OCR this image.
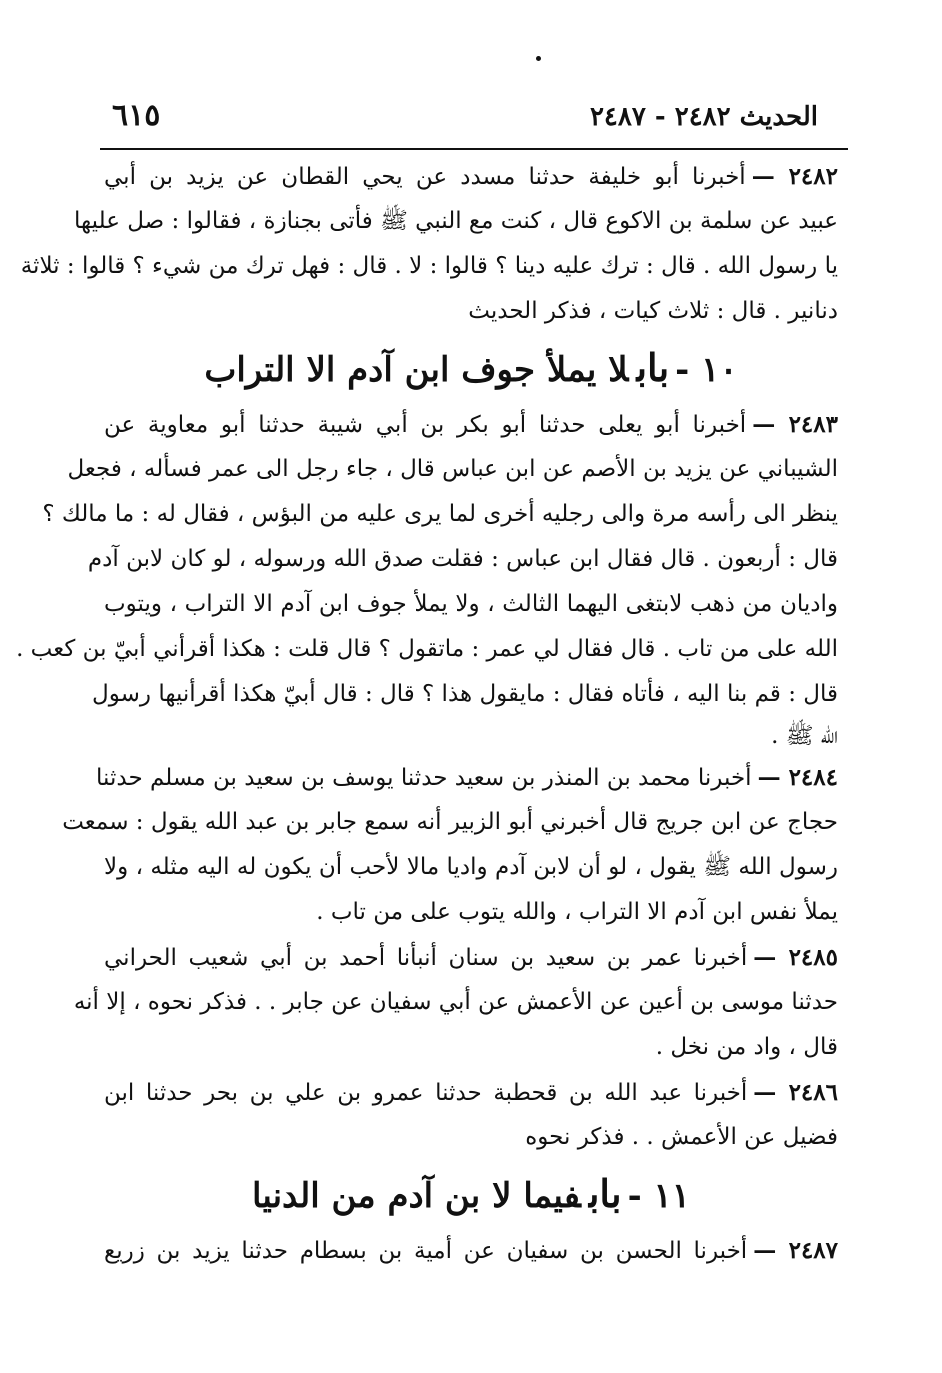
الحديث ٢٤٨٢ - ٢٤٨٧
٦١٥
٢٤٨٢ —أخبرنا أبو خليفة حدثنا مسدد عن يحي القطان عن يزيد بن أبي
عبيد عن سلمة بن الاكوع قال ، كنت مع النبي ﷺ فأتى بجنازة ، فقالوا : صل عليها
يا رسول الله . قال : ترك عليه دينا ؟ قالوا : لا . قال : فهل ترك من شيء ؟ قالوا : ثلاثة
دنانير . قال : ثلاث كيات ، فذكر الحديث
١٠ -بابلا يملأ جوف ابن آدم الا التراب
٢٤٨٣ —أخبرنا أبو يعلى حدثنا أبو بكر بن أبي شيبة حدثنا أبو معاوية عن
الشيباني عن يزيد بن الأصم عن ابن عباس قال ، جاء رجل الى عمر فسأله ، فجعل
ينظر الى رأسه مرة والى رجليه أخرى لما يرى عليه من البؤس ، فقال له : ما مالك ؟
قال : أربعون . قال فقال ابن عباس : فقلت صدق الله ورسوله ، لو كان لابن آدم
واديان من ذهب لابتغى اليهما الثالث ، ولا يملأ جوف ابن آدم الا التراب ، ويتوب
الله على من تاب . قال فقال لي عمر : ماتقول ؟ قال قلت : هكذا أقرأني أبيّ بن كعب .
قال : قم بنا اليه ، فأتاه فقال : مايقول هذا ؟ قال : قال أبيّ هكذا أقرأنيها رسول
الله ﷺ .
٢٤٨٤ —أخبرنا محمد بن المنذر بن سعيد حدثنا يوسف بن سعيد بن مسلم حدثنا
حجاج عن ابن جريج قال أخبرني أبو الزبير أنه سمع جابر بن عبد الله يقول : سمعت
رسول الله ﷺ يقول ، لو أن لابن آدم واديا مالا لأحب أن يكون له اليه مثله ، ولا
يملأ نفس ابن آدم الا التراب ، والله يتوب على من تاب .
٢٤٨٥ —أخبرنا عمر بن سعيد بن سنان أنبأنا أحمد بن أبي شعيب الحراني
حدثنا موسى بن أعين عن الأعمش عن أبي سفيان عن جابر . . فذكر نحوه ، إلا أنه
قال ، واد من نخل .
٢٤٨٦ —أخبرنا عبد الله بن قحطبة حدثنا عمرو بن علي بن بحر حدثنا ابن
فضيل عن الأعمش . . فذكر نحوه
١١ -بابفيما لا بن آدم من الدنيا
٢٤٨٧ —أخبرنا الحسن بن سفيان عن أمية بن بسطام حدثنا يزيد بن زريع
